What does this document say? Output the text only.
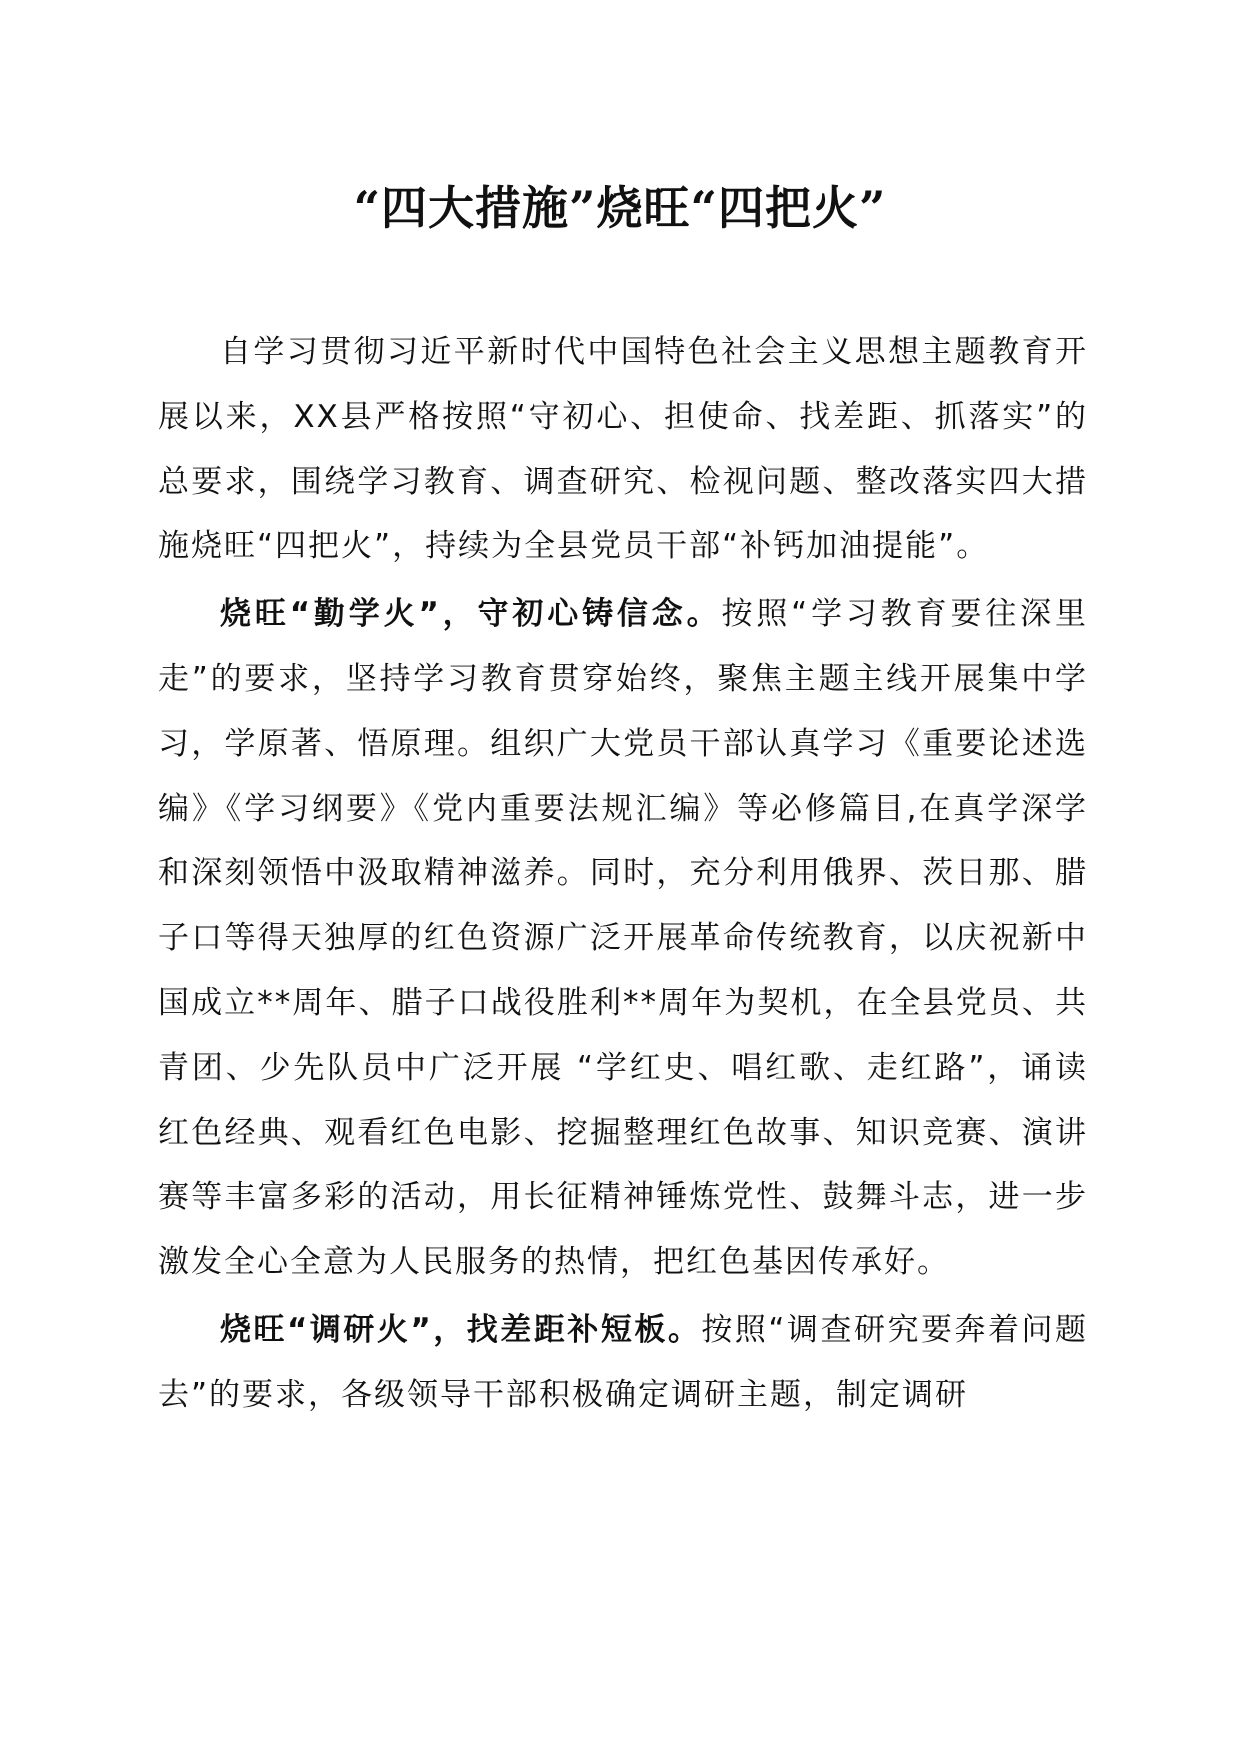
“四大措施”烧旺“四把火”

自学习贯彻习近平新时代中国特色社会主义思想主题教育开展以来，XX县严格按照“守初心、担使命、找差距、抓落实”的总要求，围绕学习教育、调查研究、检视问题、整改落实四大措施烧旺“四把火”，持续为全县党员干部“补钙加油提能”。

烧旺“勤学火”，守初心铸信念。按照“学习教育要往深里走”的要求，坚持学习教育贯穿始终，聚焦主题主线开展集中学习，学原著、悟原理。组织广大党员干部认真学习《重要论述选编》《学习纲要》《党内重要法规汇编》等必修篇目,在真学深学和深刻领悟中汲取精神滋养。同时，充分利用俄界、茨日那、腊子口等得天独厚的红色资源广泛开展革命传统教育，以庆祝新中国成立**周年、腊子口战役胜利**周年为契机，在全县党员、共青团、少先队员中广泛开展 “学红史、唱红歌、走红路”，诵读红色经典、观看红色电影、挖掘整理红色故事、知识竞赛、演讲赛等丰富多彩的活动，用长征精神锤炼党性、鼓舞斗志，进一步激发全心全意为人民服务的热情，把红色基因传承好。

烧旺“调研火”，找差距补短板。按照“调查研究要奔着问题去”的要求，各级领导干部积极确定调研主题，制定调研
